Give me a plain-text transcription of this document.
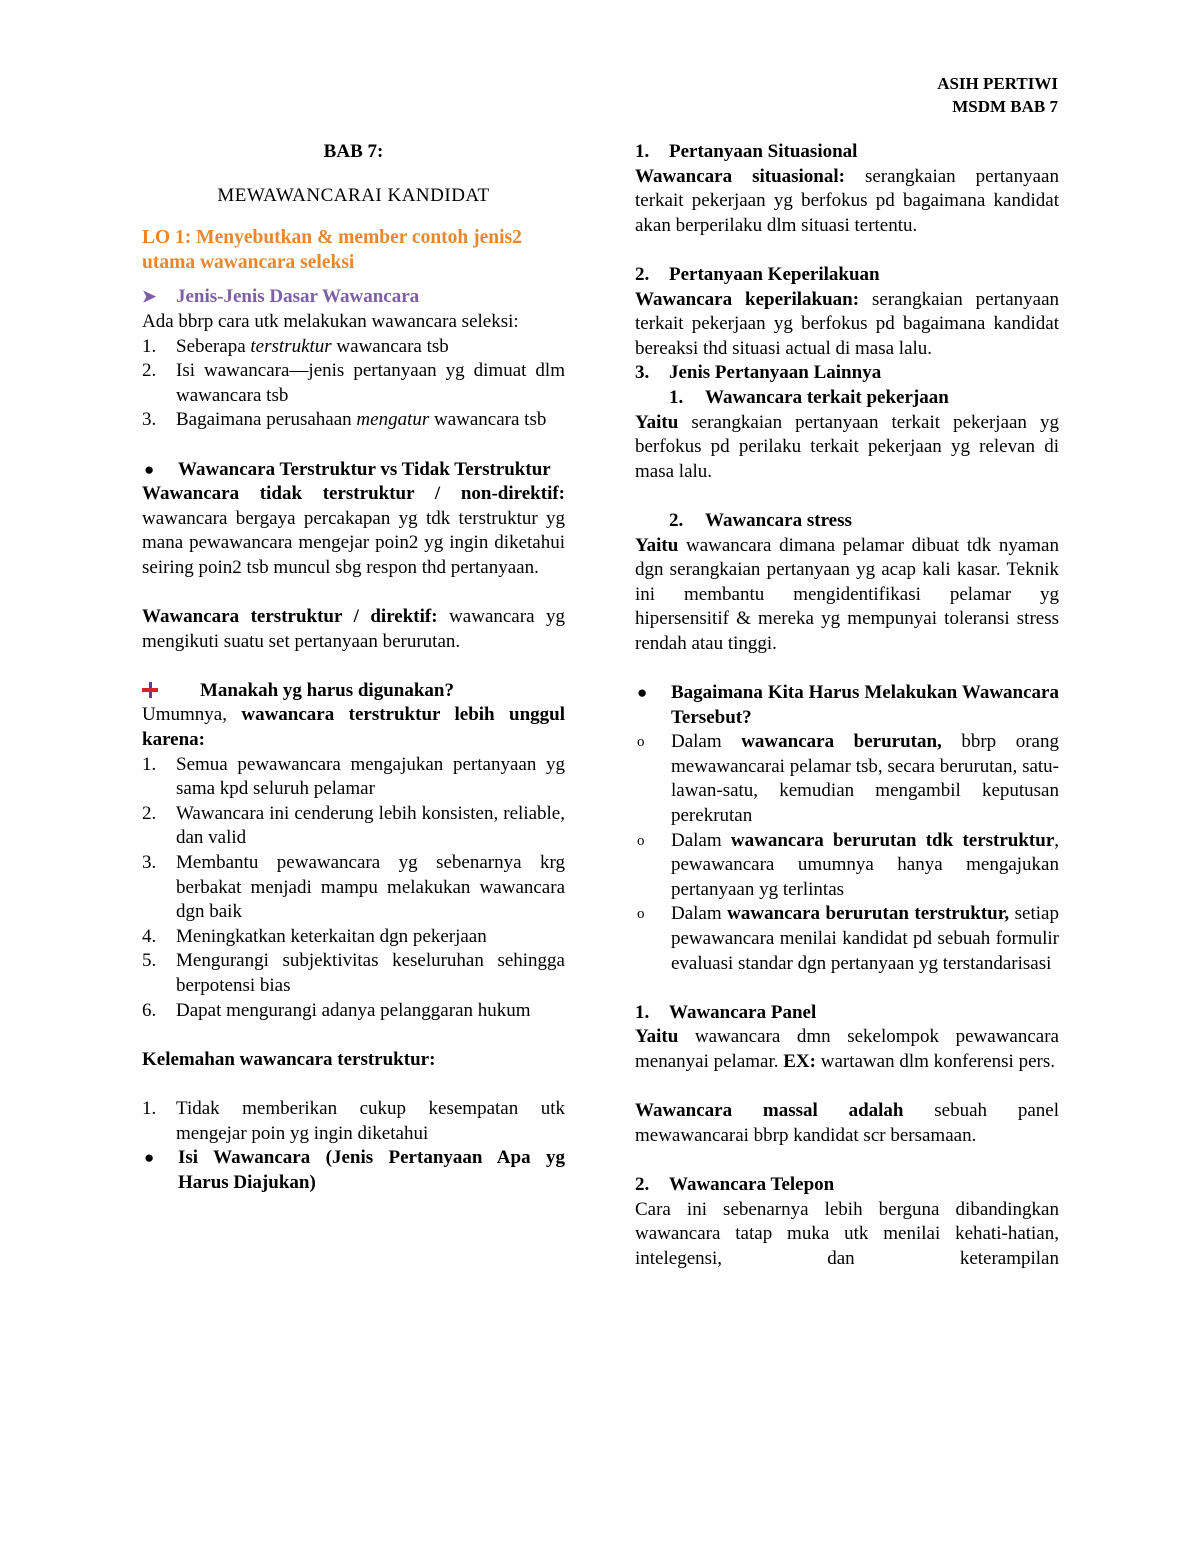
ASIH PERTIWI
MSDM BAB 7

BAB 7:

MEWAWANCARAI KANDIDAT

LO 1: Menyebutkan & member contoh jenis2 utama wawancara seleksi

➤	Jenis-Jenis Dasar Wawancara

Ada bbrp cara utk melakukan wawancara seleksi:

1.	Seberapa terstruktur wawancara tsb
2.	Isi wawancara—jenis pertanyaan yg dimuat dlm wawancara tsb
3.	Bagaimana perusahaan mengatur wawancara tsb
●	Wawancara Terstruktur vs Tidak Terstruktur

Wawancara tidak terstruktur / non-direktif: wawancara bergaya percakapan yg tdk terstruktur yg mana pewawancara mengejar poin2 yg ingin diketahui seiring poin2 tsb muncul sbg respon thd pertanyaan.

Wawancara terstruktur / direktif: wawancara yg mengikuti suatu set pertanyaan berurutan.

Manakah yg harus digunakan?

Umumnya, wawancara terstruktur lebih unggul karena:

1.	Semua pewawancara mengajukan pertanyaan yg sama kpd seluruh pelamar
2.	Wawancara ini cenderung lebih konsisten, reliable, dan valid
3.	Membantu pewawancara yg sebenarnya krg berbakat menjadi mampu melakukan wawancara dgn baik
4.	Meningkatkan keterkaitan dgn pekerjaan
5.	Mengurangi subjektivitas keseluruhan sehingga berpotensi bias
6.	Dapat mengurangi adanya pelanggaran hukum

Kelemahan wawancara terstruktur:

1.	Tidak memberikan cukup kesempatan utk mengejar poin yg ingin diketahui
●	Isi Wawancara (Jenis Pertanyaan Apa yg Harus Diajukan)
1.	Pertanyaan Situasional

Wawancara situasional: serangkaian pertanyaan terkait pekerjaan yg berfokus pd bagaimana kandidat akan berperilaku dlm situasi tertentu.

2.	Pertanyaan Keperilakuan

Wawancara keperilakuan: serangkaian pertanyaan terkait pekerjaan yg berfokus pd bagaimana kandidat bereaksi thd situasi actual di masa lalu.

3.	Jenis Pertanyaan Lainnya
1.	Wawancara terkait pekerjaan

Yaitu serangkaian pertanyaan terkait pekerjaan yg berfokus pd perilaku terkait pekerjaan yg relevan di masa lalu.

2.	Wawancara stress

Yaitu wawancara dimana pelamar dibuat tdk nyaman dgn serangkaian pertanyaan yg acap kali kasar. Teknik ini membantu mengidentifikasi pelamar yg hipersensitif & mereka yg mempunyai toleransi stress rendah atau tinggi.

●	Bagaimana Kita Harus Melakukan Wawancara Tersebut?
o	Dalam wawancara berurutan, bbrp orang mewawancarai pelamar tsb, secara berurutan, satu-lawan-satu, kemudian mengambil keputusan perekrutan
o	Dalam wawancara berurutan tdk terstruktur, pewawancara umumnya hanya mengajukan pertanyaan yg terlintas
o	Dalam wawancara berurutan terstruktur, setiap pewawancara menilai kandidat pd sebuah formulir evaluasi standar dgn pertanyaan yg terstandarisasi
1.	Wawancara Panel

Yaitu wawancara dmn sekelompok pewawancara menanyai pelamar. EX: wartawan dlm konferensi pers.

Wawancara massal adalah sebuah panel mewawancarai bbrp kandidat scr bersamaan.

2.	Wawancara Telepon

Cara ini sebenarnya lebih berguna dibandingkan wawancara tatap muka utk menilai kehati-hatian, intelegensi, dan keterampilan
